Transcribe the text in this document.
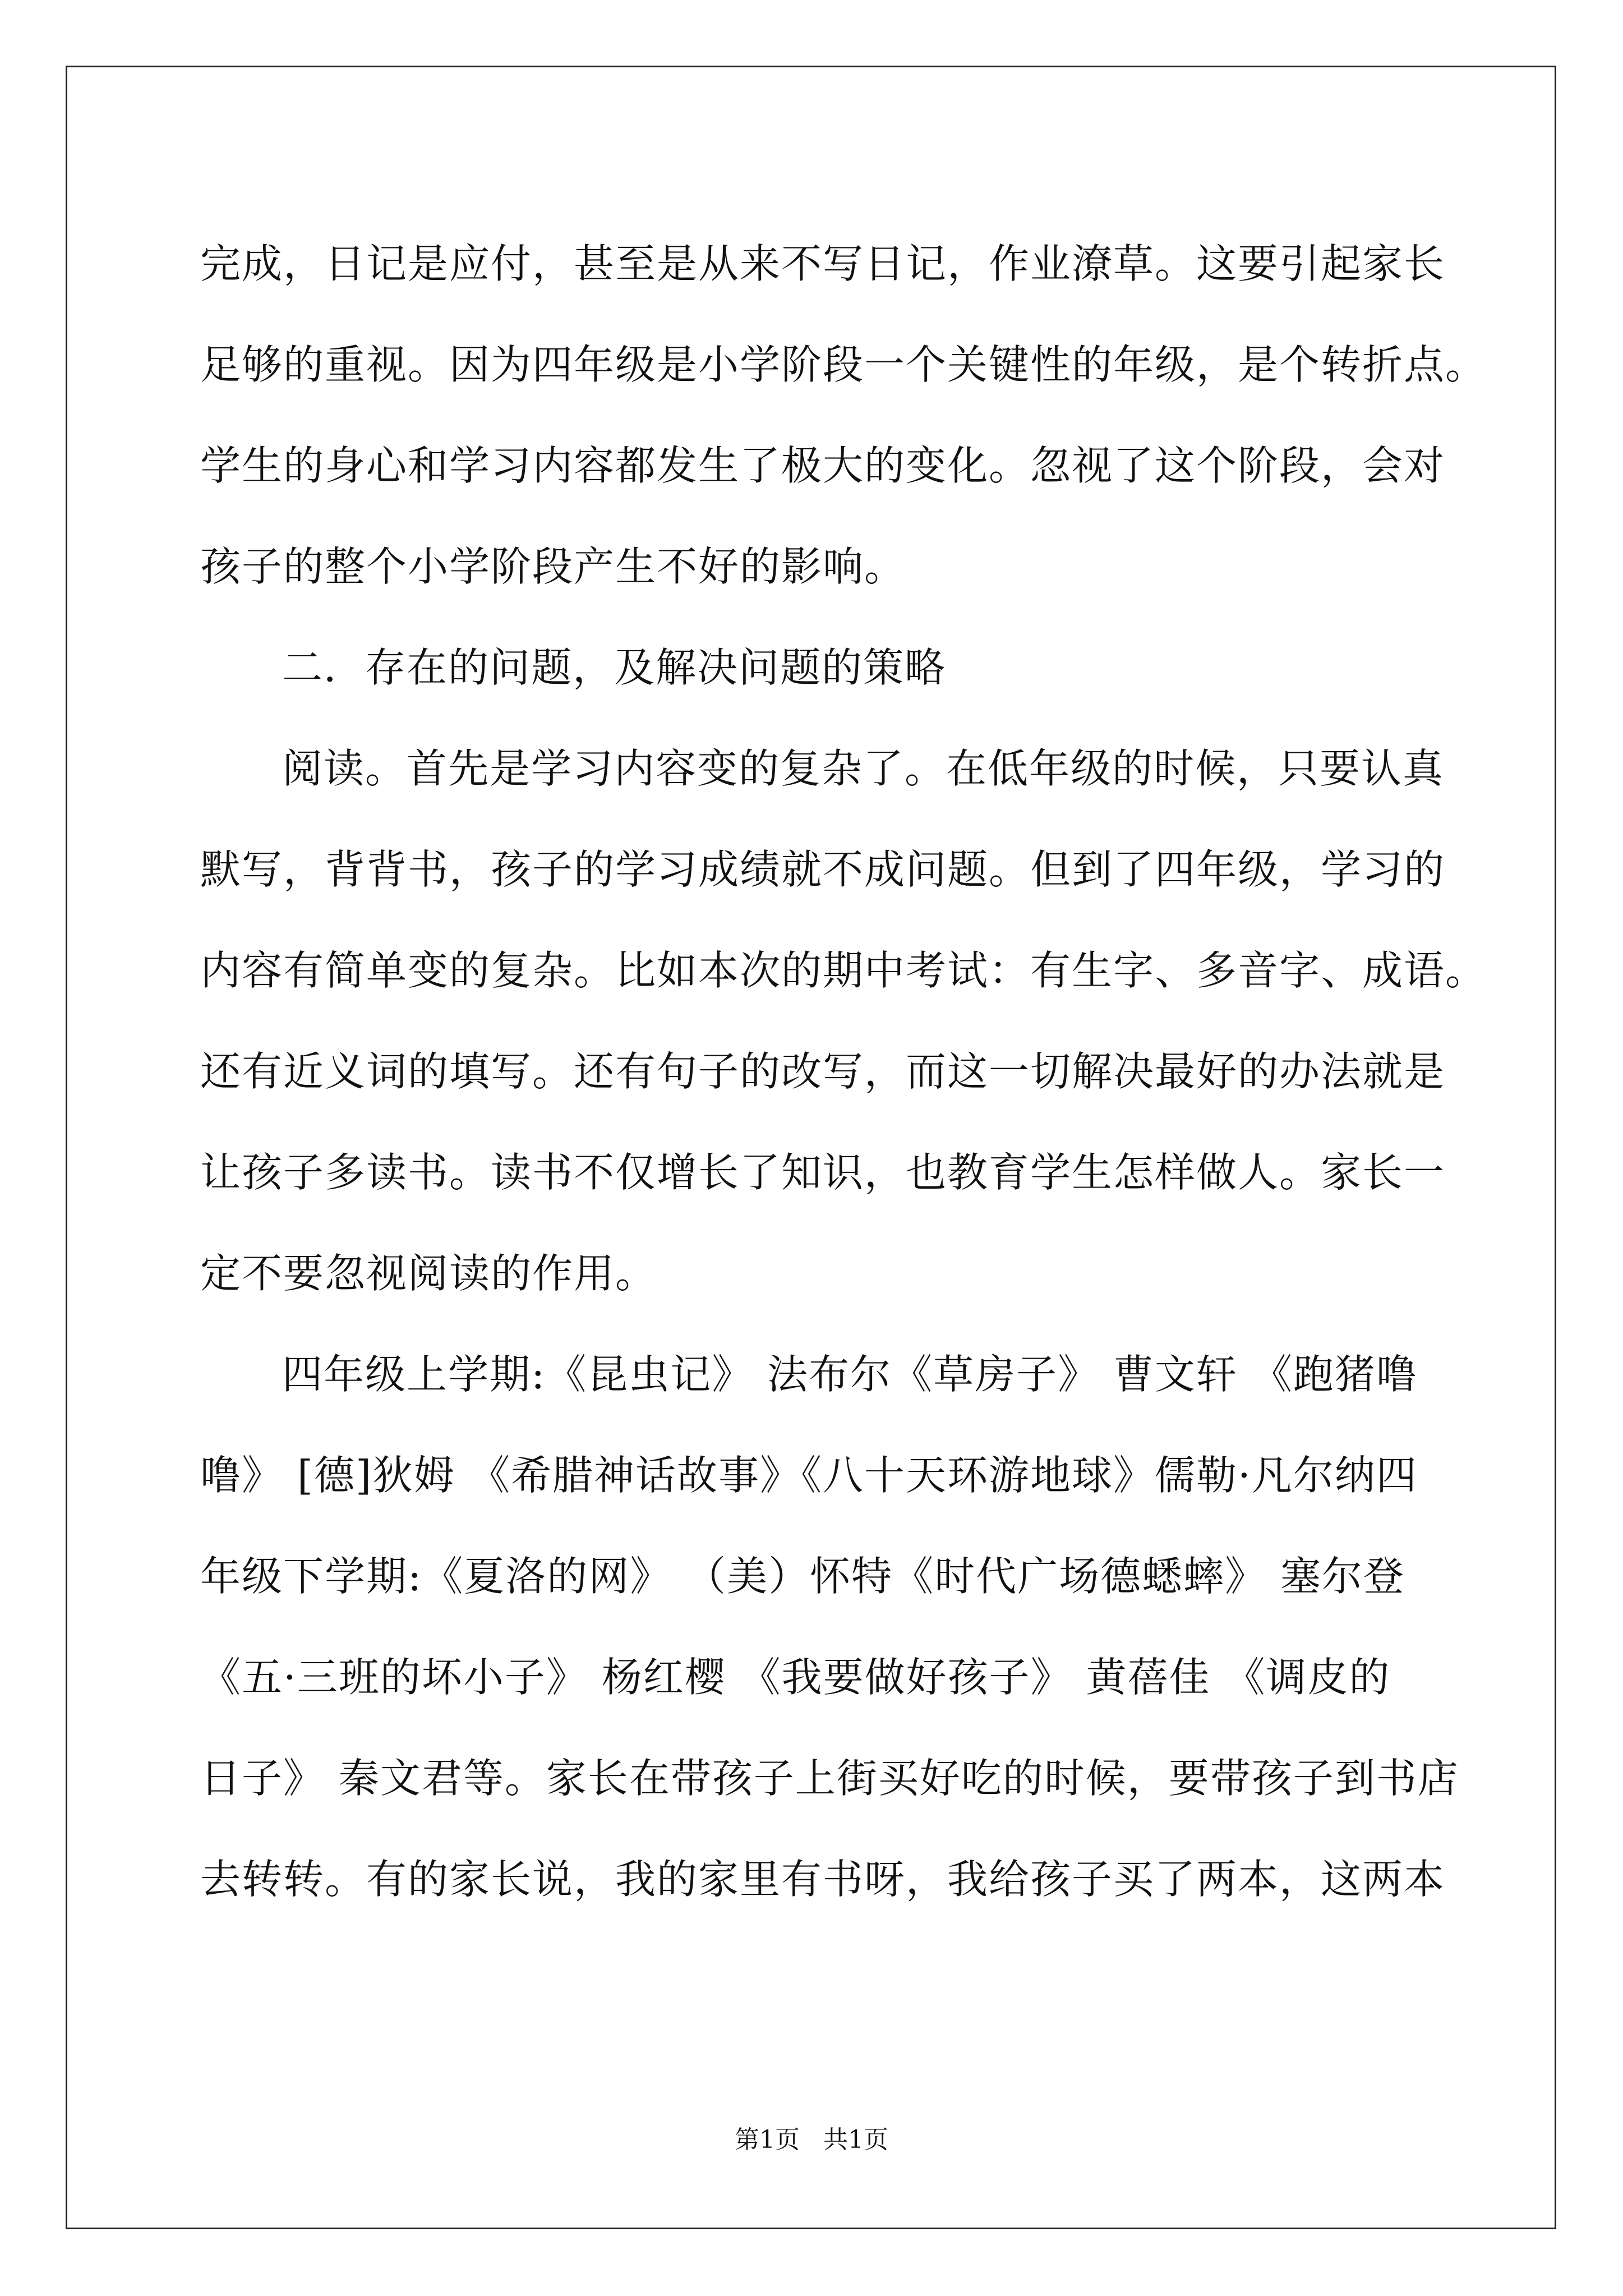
完成，日记是应付，甚至是从来不写日记，作业潦草。这要引起家长
足够的重视。因为四年级是小学阶段一个关键性的年级，是个转折点。
学生的身心和学习内容都发生了极大的变化。忽视了这个阶段，会对
孩子的整个小学阶段产生不好的影响。
二．存在的问题，及解决问题的策略
阅读。首先是学习内容变的复杂了。在低年级的时候，只要认真
默写，背背书，孩子的学习成绩就不成问题。但到了四年级，学习的
内容有简单变的复杂。比如本次的期中考试：有生字、多音字、成语。
还有近义词的填写。还有句子的改写，而这一切解决最好的办法就是
让孩子多读书。读书不仅增长了知识，也教育学生怎样做人。家长一
定不要忽视阅读的作用。
四年级上学期:《昆虫记》 法布尔《草房子》 曹文轩 《跑猪噜
噜》 [德]狄姆 《希腊神话故事》《八十天环游地球》儒勒·凡尔纳四
年级下学期:《夏洛的网》 （美）怀特《时代广场德蟋蟀》 塞尔登
《五·三班的坏小子》 杨红樱 《我要做好孩子》 黄蓓佳 《调皮的
日子》 秦文君等。家长在带孩子上街买好吃的时候，要带孩子到书店
去转转。有的家长说，我的家里有书呀，我给孩子买了两本，这两本
第1页   共1页
